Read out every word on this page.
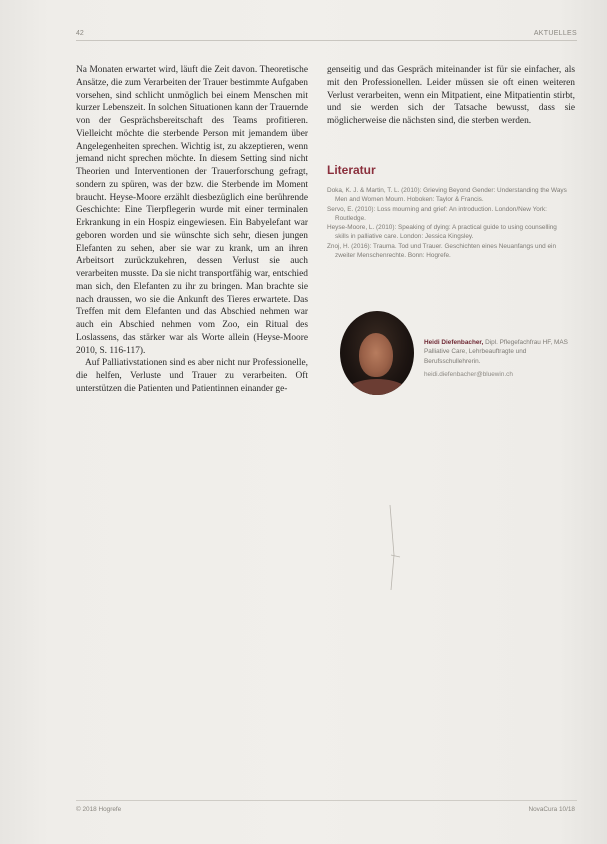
42	AKTUELLES

Na Monaten erwartet wird, läuft die Zeit davon. Theoretische Ansätze, die zum Verarbeiten der Trauer bestimmte Aufgaben vorsehen, sind schlicht unmöglich bei einem Menschen mit kurzer Lebenszeit. In solchen Situationen kann der Trauernde von der Gesprächsbereitschaft des Teams profitieren. Vielleicht möchte die sterbende Person mit jemandem über Angelegenheiten sprechen. Wichtig ist, zu akzeptieren, wenn jemand nicht sprechen möchte. In diesem Setting sind nicht Theorien und Interventionen der Trauerforschung gefragt, sondern zu spüren, was der bzw. die Sterbende im Moment braucht. Heyse-Moore erzählt diesbezüglich eine berührende Geschichte: Eine Tierpflegerin wurde mit einer terminalen Erkrankung in ein Hospiz eingewiesen. Ein Babyelefant war geboren worden und sie wünschte sich sehr, diesen jungen Elefanten zu sehen, aber sie war zu krank, um an ihren Arbeitsort zurückzukehren, dessen Verlust sie auch verarbeiten musste. Da sie nicht transportfähig war, entschied man sich, den Elefanten zu ihr zu bringen. Man brachte sie nach draussen, wo sie die Ankunft des Tieres erwartete. Das Treffen mit dem Elefanten und das Abschied nehmen war auch ein Abschied nehmen vom Zoo, ein Ritual des Loslassens, das stärker war als Worte allein (Heyse-Moore 2010, S. 116-117).

Auf Palliativstationen sind es aber nicht nur Professionelle, die helfen, Verluste und Trauer zu verarbeiten. Oft unterstützen die Patienten und Patientinnen einander ge-

genseitig und das Gespräch miteinander ist für sie einfacher, als mit den Professionellen. Leider müssen sie oft einen weiteren Verlust verarbeiten, wenn ein Mitpatient, eine Mitpatientin stirbt, und sie werden sich der Tatsache bewusst, dass sie möglicherweise die nächsten sind, die sterben werden.

Literatur

Doka, K. J. & Martin, T. L. (2010): Grieving Beyond Gender: Understanding the Ways Men and Women Mourn. Hoboken: Taylor & Francis.

Servo, E. (2010): Loss mourning and grief: An introduction. London/New York: Routledge.

Heyse-Moore, L. (2010): Speaking of dying: A practical guide to using counselling skills in palliative care. London: Jessica Kingsley.

Znoj, H. (2016): Trauma. Tod und Trauer. Geschichten eines Neuanfangs und ein zweiter Menschenrechte. Bonn: Hogrefe.

Heidi Diefenbacher, Dipl. Pflegefachfrau HF, MAS Palliative Care, Lehrbeauftragte und Berufsschullehrerin.
heidi.diefenbacher@bluewin.ch
© 2018 Hogrefe	NovaCura 10/18
